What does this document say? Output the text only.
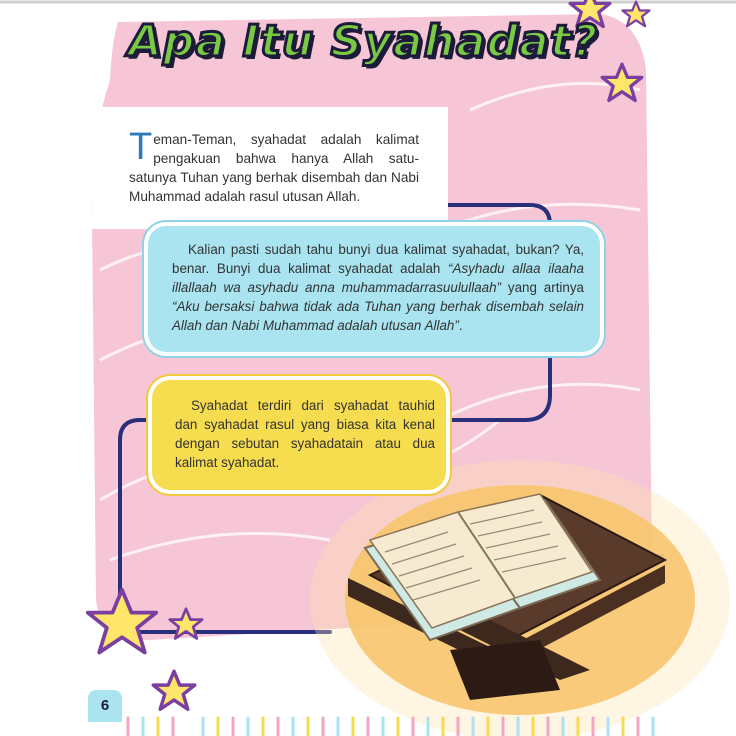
Apa Itu Syahadat?
Teman-Teman, syahadat adalah kalimat pengakuan bahwa hanya Allah satu-satunya Tuhan yang berhak disembah dan Nabi Muhammad adalah rasul utusan Allah.
Kalian pasti sudah tahu bunyi dua kalimat syahadat, bukan? Ya, benar. Bunyi dua kalimat syahadat adalah “Asyhadu allaa ilaaha illallaah wa asyhadu anna muhammadarrasuulullaah” yang artinya “Aku bersaksi bahwa tidak ada Tuhan yang berhak disembah selain Allah dan Nabi Muhammad adalah utusan Allah”.
Syahadat terdiri dari syahadat tauhid dan syahadat rasul yang biasa kita kenal dengan sebutan syahadatain atau dua kalimat syahadat.
6
